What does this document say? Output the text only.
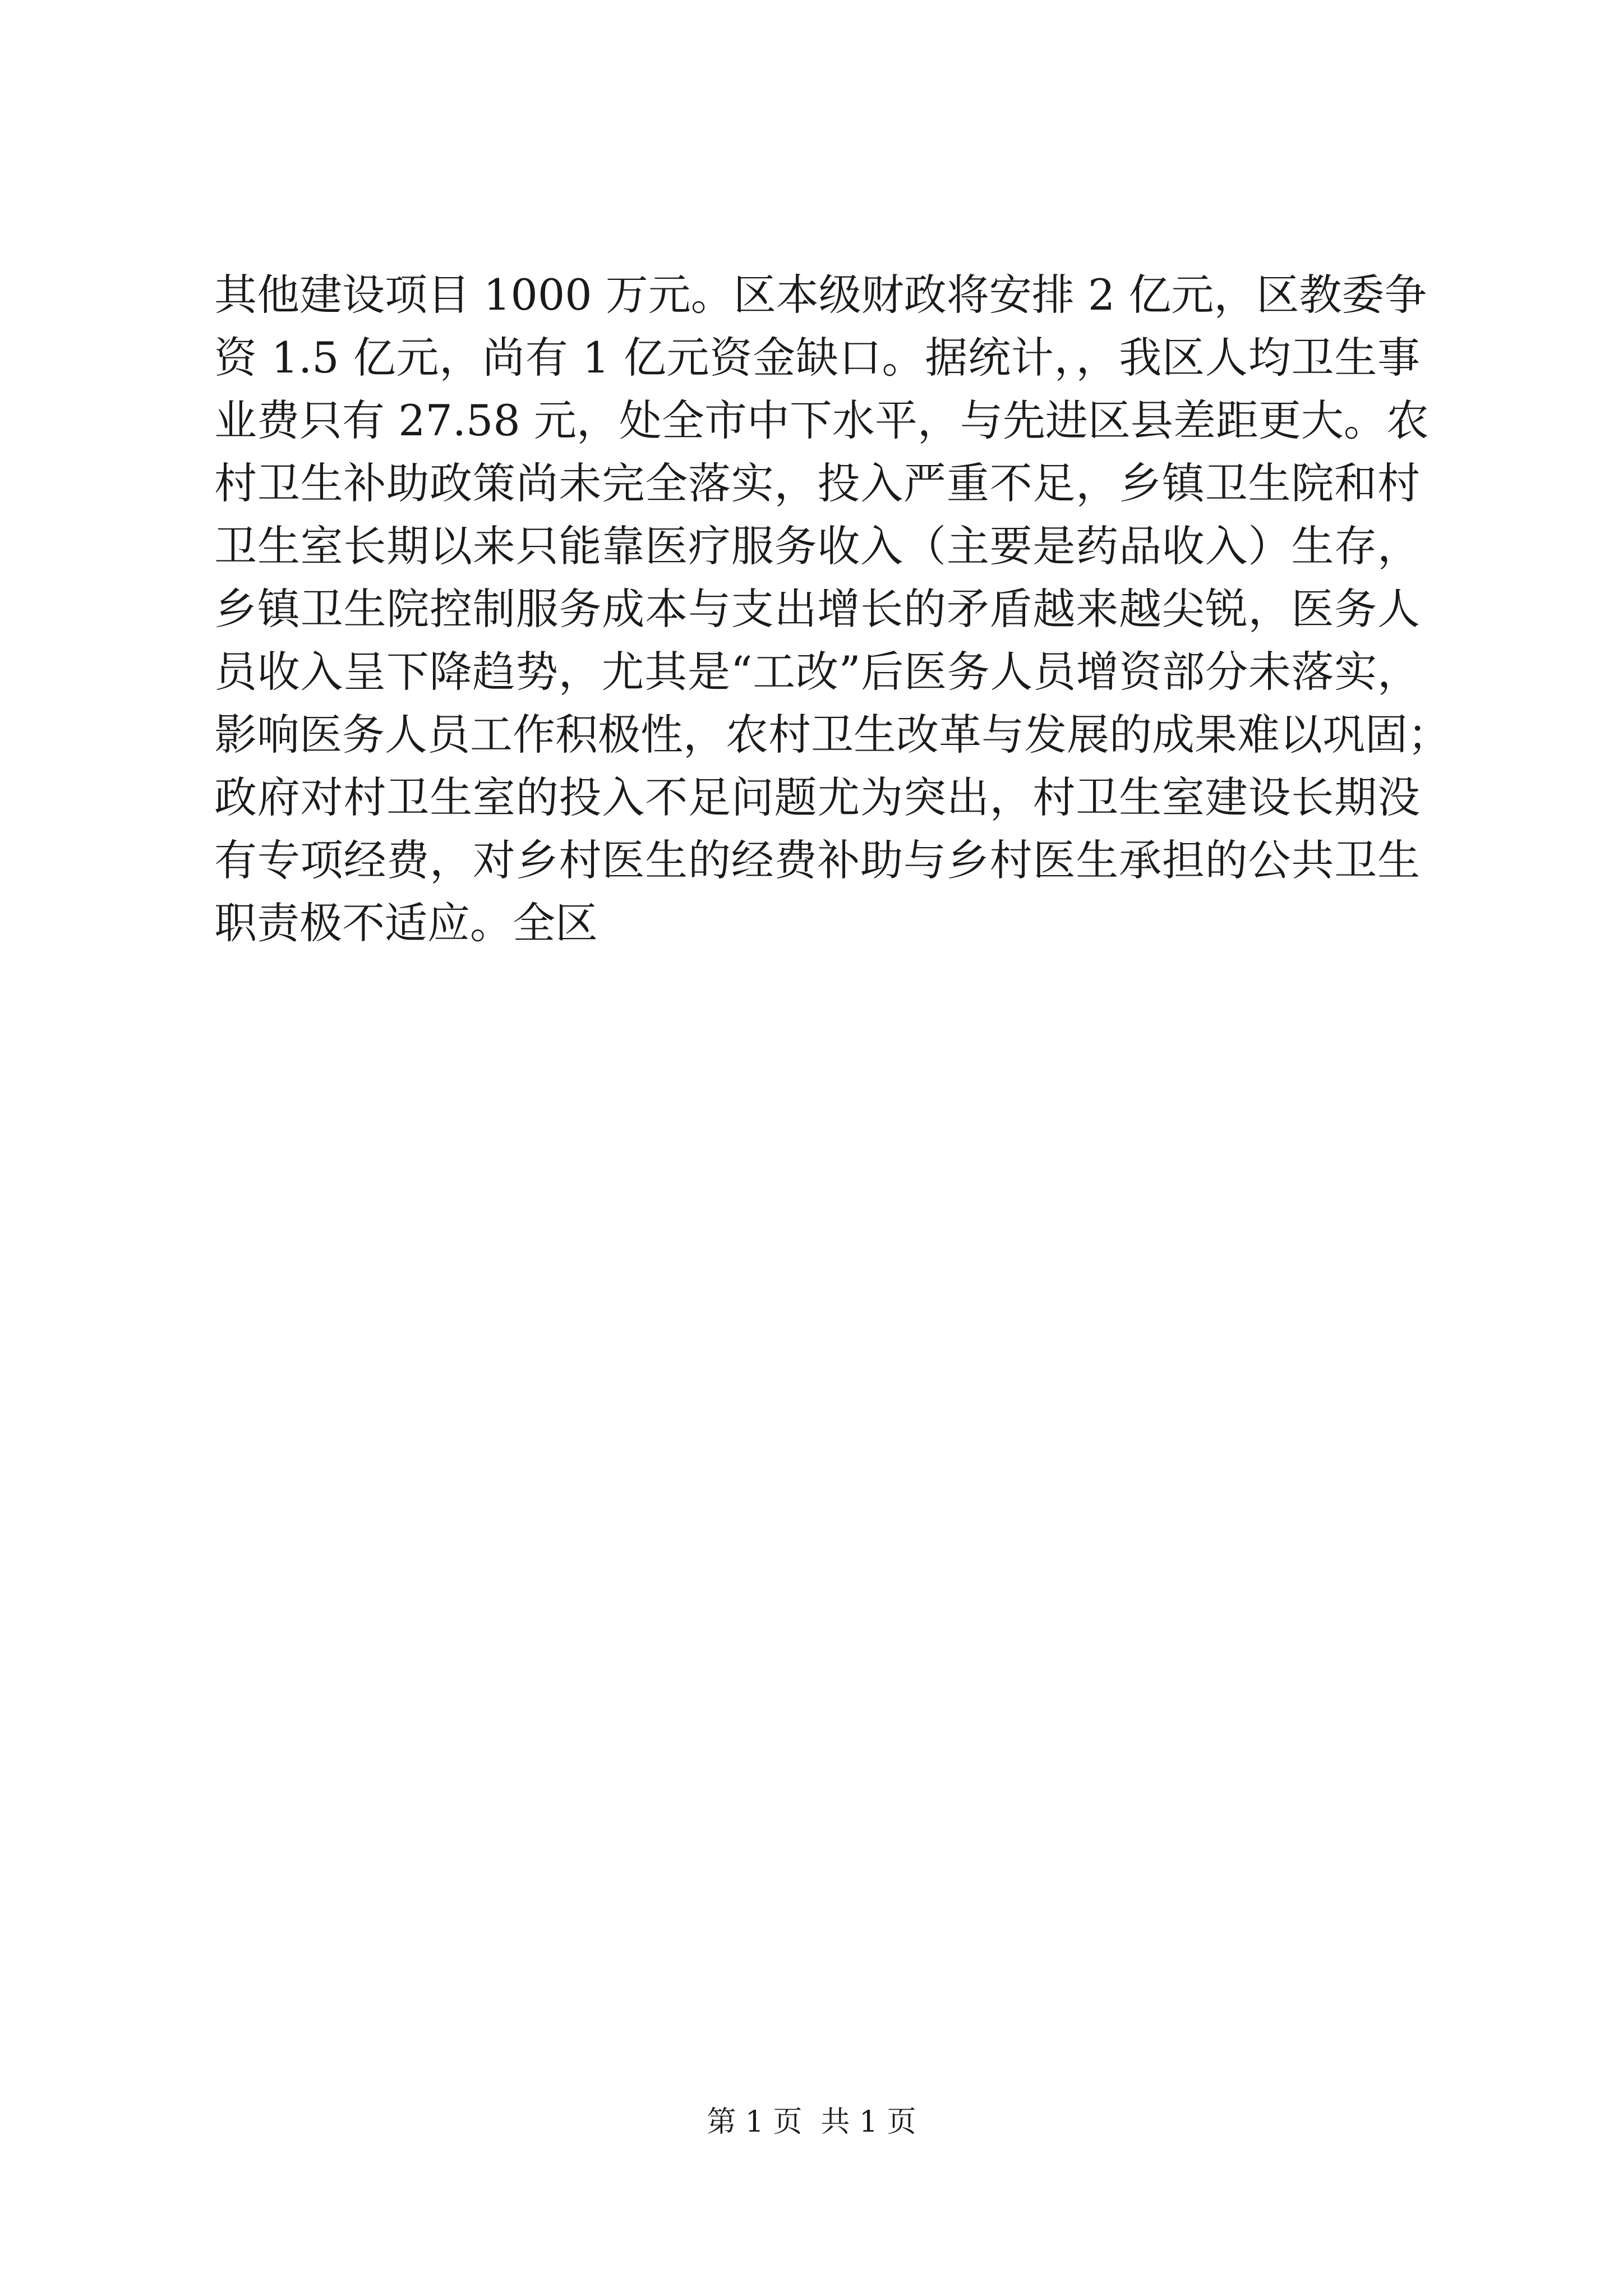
其他建设项目 1000 万元。区本级财政将安排 2 亿元，区教委争
资 1.5 亿元，尚有 1 亿元资金缺口。据统计，，我区人均卫生事
业费只有 27.58 元，处全市中下水平，与先进区县差距更大。农
村卫生补助政策尚未完全落实，投入严重不足，乡镇卫生院和村
卫生室长期以来只能靠医疗服务收入（主要是药品收入）生存，
乡镇卫生院控制服务成本与支出增长的矛盾越来越尖锐，医务人
员收入呈下降趋势，尤其是“工改”后医务人员增资部分未落实，
影响医务人员工作积极性，农村卫生改革与发展的成果难以巩固；
政府对村卫生室的投入不足问题尤为突出，村卫生室建设长期没
有专项经费，对乡村医生的经费补助与乡村医生承担的公共卫生
职责极不适应。全区
第 1 页  共 1 页
